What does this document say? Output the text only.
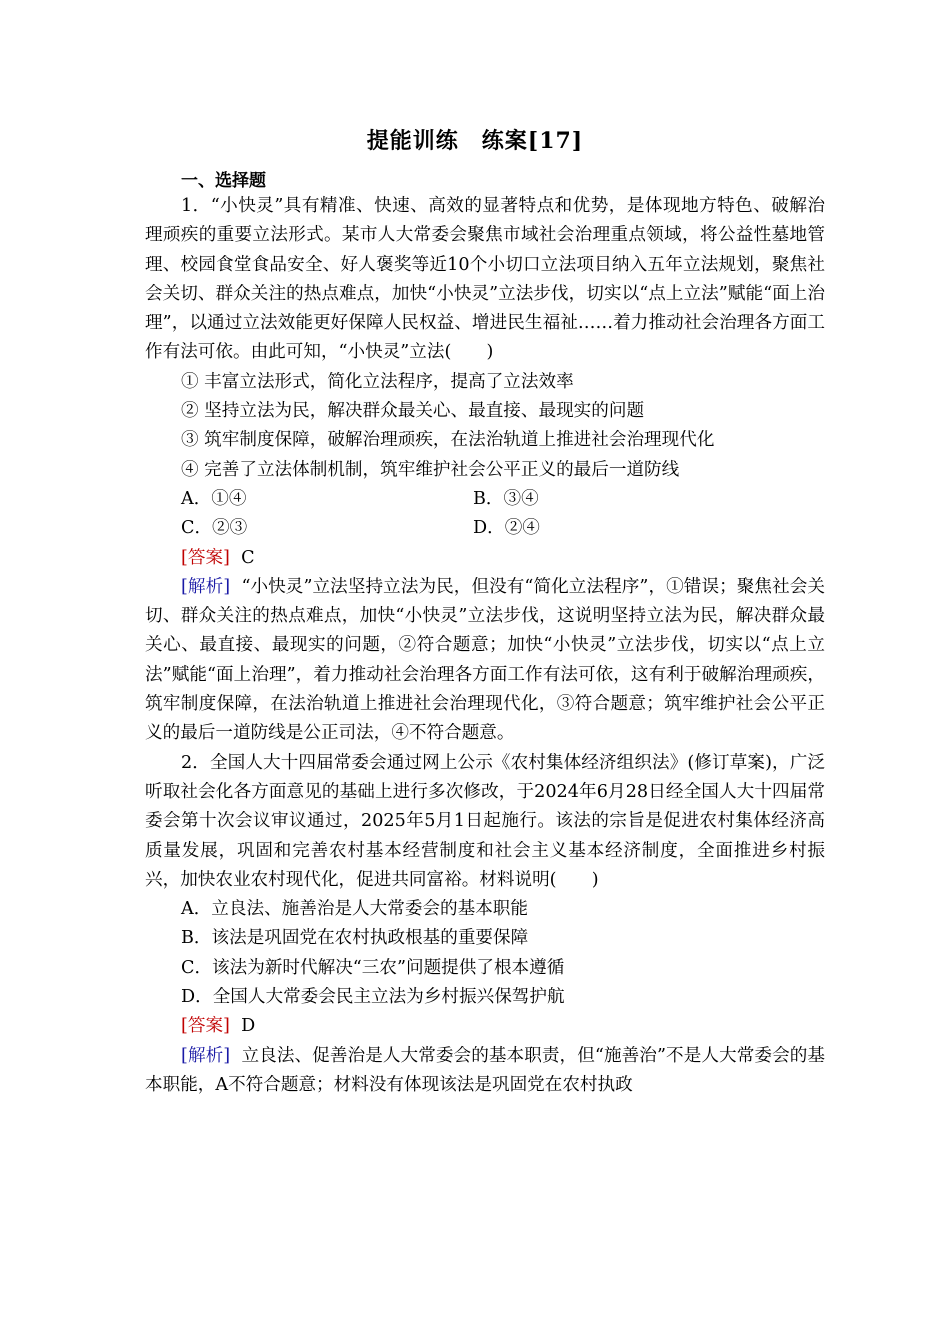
提能训练　练案[17]
一、选择题

1．“小快灵”具有精准、快速、高效的显著特点和优势，是体现地方特色、破解治理顽疾的重要立法形式。某市人大常委会聚焦市域社会治理重点领域，将公益性墓地管理、校园食堂食品安全、好人褒奖等近10个小切口立法项目纳入五年立法规划，聚焦社会关切、群众关注的热点难点，加快“小快灵”立法步伐，切实以“点上立法”赋能“面上治理”，以通过立法效能更好保障人民权益、增进民生福祉……着力推动社会治理各方面工作有法可依。由此可知，“小快灵”立法(　　)

① 丰富立法形式，简化立法程序，提高了立法效率

② 坚持立法为民，解决群众最关心、最直接、最现实的问题

③ 筑牢制度保障，破解治理顽疾，在法治轨道上推进社会治理现代化

④ 完善了立法体制机制，筑牢维护社会公平正义的最后一道防线

A．①④	B．③④
C．②③	D．②④

[答案] C

[解析] “小快灵”立法坚持立法为民，但没有“简化立法程序”，①错误；聚焦社会关切、群众关注的热点难点，加快“小快灵”立法步伐，这说明坚持立法为民，解决群众最关心、最直接、最现实的问题，②符合题意；加快“小快灵”立法步伐，切实以“点上立法”赋能“面上治理”，着力推动社会治理各方面工作有法可依，这有利于破解治理顽疾，筑牢制度保障，在法治轨道上推进社会治理现代化，③符合题意；筑牢维护社会公平正义的最后一道防线是公正司法，④不符合题意。

2．全国人大十四届常委会通过网上公示《农村集体经济组织法》(修订草案)，广泛听取社会化各方面意见的基础上进行多次修改，于2024年6月28日经全国人大十四届常委会第十次会议审议通过，2025年5月1日起施行。该法的宗旨是促进农村集体经济高质量发展，巩固和完善农村基本经营制度和社会主义基本经济制度，全面推进乡村振兴，加快农业农村现代化，促进共同富裕。材料说明(　　)

A．立良法、施善治是人大常委会的基本职能

B．该法是巩固党在农村执政根基的重要保障

C．该法为新时代解决“三农”问题提供了根本遵循

D．全国人大常委会民主立法为乡村振兴保驾护航

[答案] D

[解析] 立良法、促善治是人大常委会的基本职责，但“施善治”不是人大常委会的基本职能，A不符合题意；材料没有体现该法是巩固党在农村执政
